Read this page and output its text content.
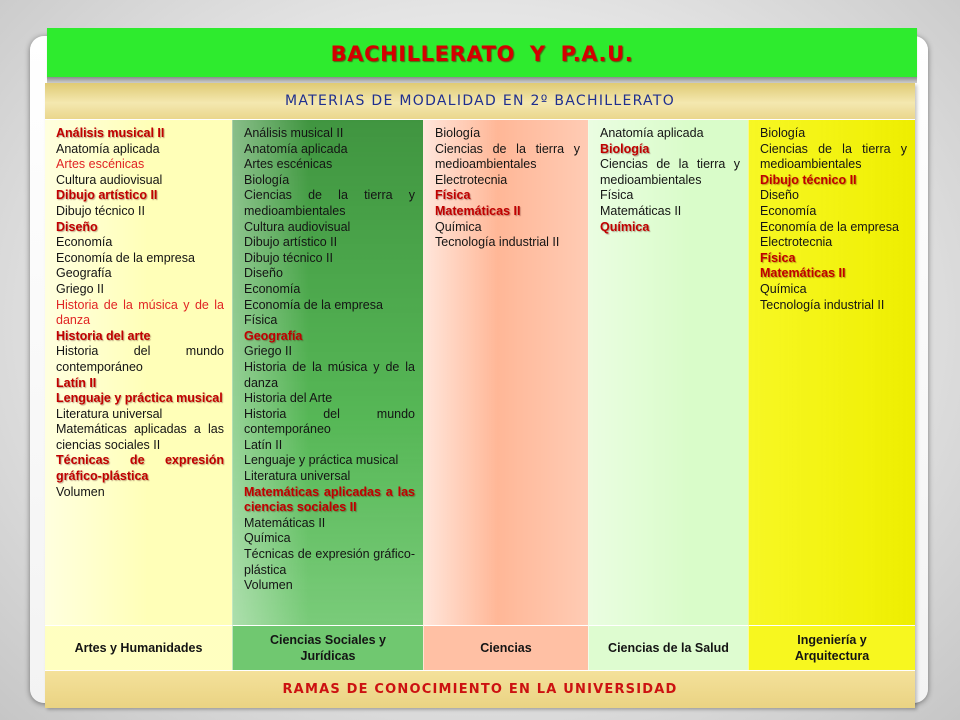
BACHILLERATO Y P.A.U.
MATERIAS DE MODALIDAD EN 2º BACHILLERATO
Análisis musical II
Anatomía aplicada
Artes escénicas
Cultura audiovisual
Dibujo artístico II
Dibujo técnico II
Diseño
Economía
Economía de la empresa
Geografía
Griego II
Historia de la música y de la danza
Historia del arte
Historia del mundo contemporáneo
Latín II
Lenguaje y práctica musical
Literatura universal
Matemáticas aplicadas a las ciencias sociales II
Técnicas de expresión gráfico-plástica
Volumen
Análisis musical II
Anatomía aplicada
Artes escénicas
Biología
Ciencias de la tierra y medioambientales
Cultura audiovisual
Dibujo artístico II
Dibujo técnico II
Diseño
Economía
Economía de la empresa
Física
Geografía
Griego II
Historia de la música y de la danza
Historia del Arte
Historia del mundo contemporáneo
Latín II
Lenguaje y práctica musical
Literatura universal
Matemáticas aplicadas a las ciencias sociales II
Matemáticas II
Química
Técnicas de expresión gráfico-plástica
Volumen
Biología
Ciencias de la tierra y medioambientales
Electrotecnia
Física
Matemáticas II
Química
Tecnología industrial II
Anatomía aplicada
Biología
Ciencias de la tierra y medioambientales
Física
Matemáticas II
Química
Biología
Ciencias de la tierra y medioambientales
Dibujo técnico II
Diseño
Economía
Economía de la empresa
Electrotecnia
Física
Matemáticas II
Química
Tecnología industrial II
Artes y Humanidades
Ciencias Sociales y Jurídicas
Ciencias	Ciencias de la Salud
Ingeniería y Arquitectura
RAMAS DE CONOCIMIENTO EN LA UNIVERSIDAD
